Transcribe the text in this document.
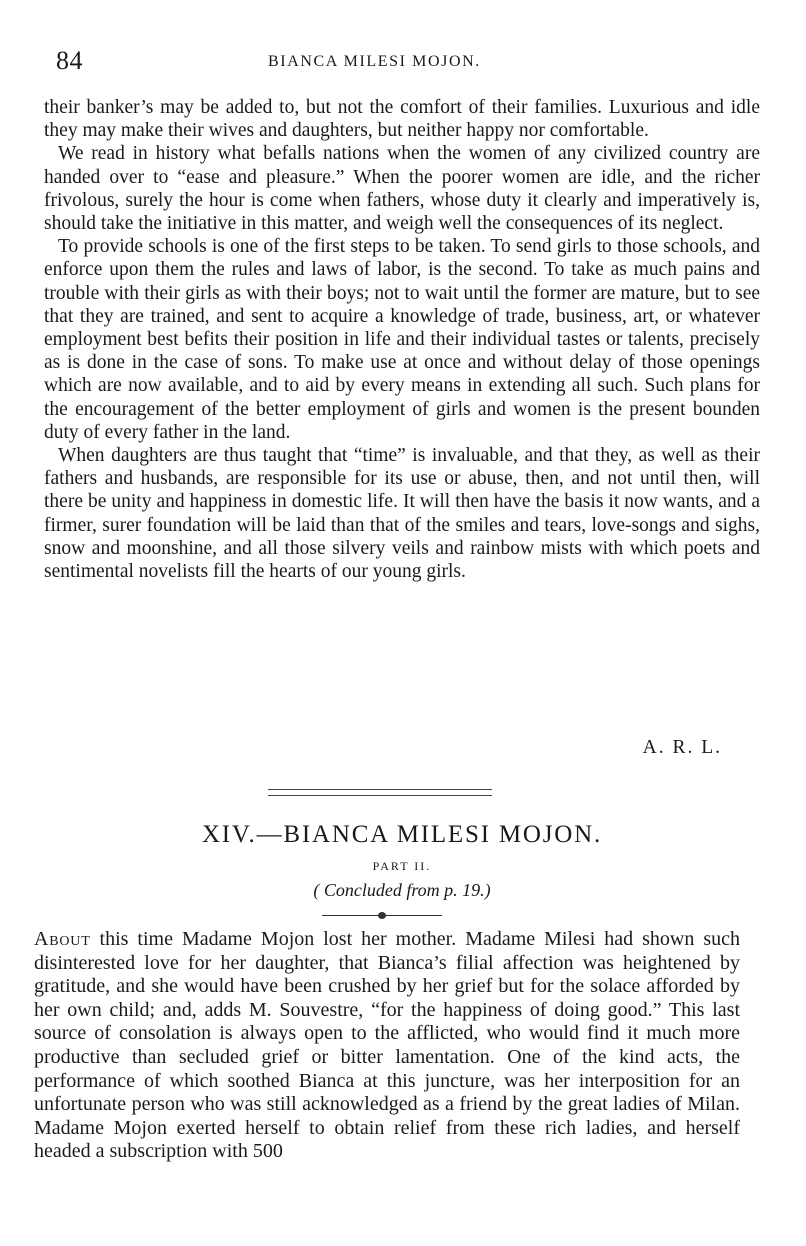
84	BIANCA MILESI MOJON.

their banker’s may be added to, but not the comfort of their families. Luxurious and idle they may make their wives and daughters, but neither happy nor comfortable.

We read in history what befalls nations when the women of any civilized country are handed over to “ease and pleasure.” When the poorer women are idle, and the richer frivolous, surely the hour is come when fathers, whose duty it clearly and imperatively is, should take the initiative in this matter, and weigh well the consequences of its neglect.

To provide schools is one of the first steps to be taken. To send girls to those schools, and enforce upon them the rules and laws of labor, is the second. To take as much pains and trouble with their girls as with their boys; not to wait until the former are mature, but to see that they are trained, and sent to acquire a knowledge of trade, business, art, or whatever employment best befits their position in life and their individual tastes or talents, precisely as is done in the case of sons. To make use at once and without delay of those openings which are now available, and to aid by every means in extending all such. Such plans for the encouragement of the better employment of girls and women is the present bounden duty of every father in the land.

When daughters are thus taught that “time” is invaluable, and that they, as well as their fathers and husbands, are responsible for its use or abuse, then, and not until then, will there be unity and happiness in domestic life. It will then have the basis it now wants, and a firmer, surer foundation will be laid than that of the smiles and tears, love-songs and sighs, snow and moonshine, and all those silvery veils and rainbow mists with which poets and sentimental novelists fill the hearts of our young girls.

A. R. L.
XIV.—BIANCA MILESI MOJON.
PART II.
( Concluded from p. 19.)

About this time Madame Mojon lost her mother. Madame Milesi had shown such disinterested love for her daughter, that Bianca’s filial affection was heightened by gratitude, and she would have been crushed by her grief but for the solace afforded by her own child; and, adds M. Souvestre, “for the happiness of doing good.” This last source of consolation is always open to the afflicted, who would find it much more productive than secluded grief or bitter lamentation. One of the kind acts, the performance of which soothed Bianca at this juncture, was her interposition for an unfortunate person who was still acknowledged as a friend by the great ladies of Milan. Madame Mojon exerted herself to obtain relief from these rich ladies, and herself headed a subscription with 500
